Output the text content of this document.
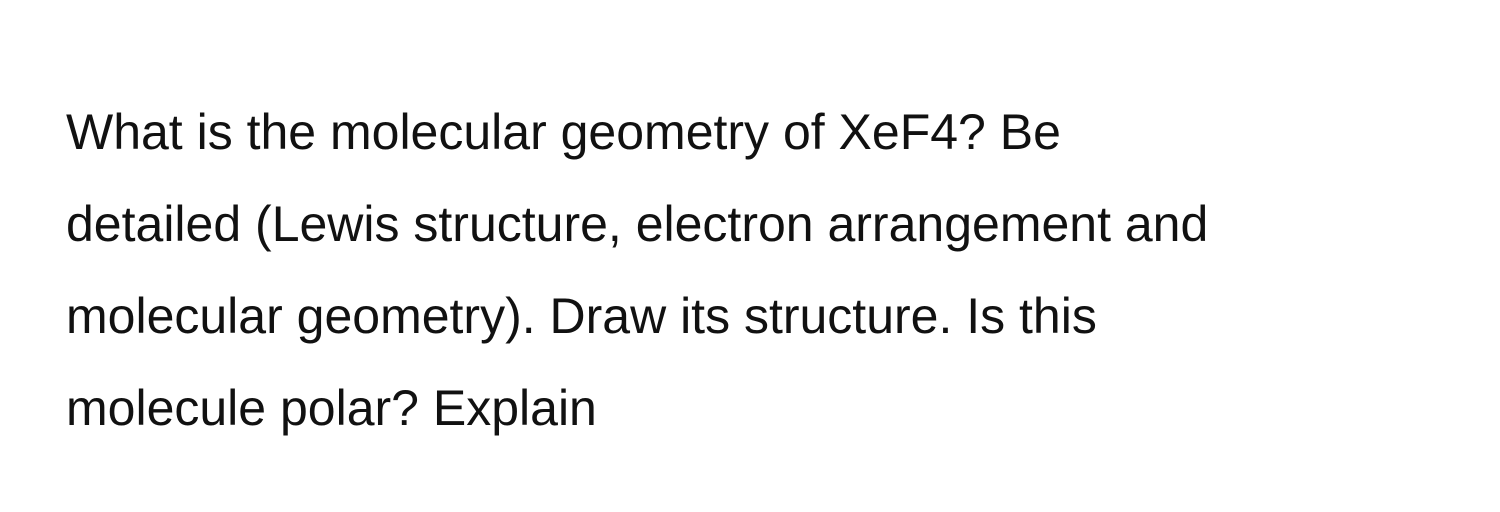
What is the molecular geometry of XeF4? Be
detailed (Lewis structure, electron arrangement and
molecular geometry). Draw its structure. Is this
molecule polar? Explain
